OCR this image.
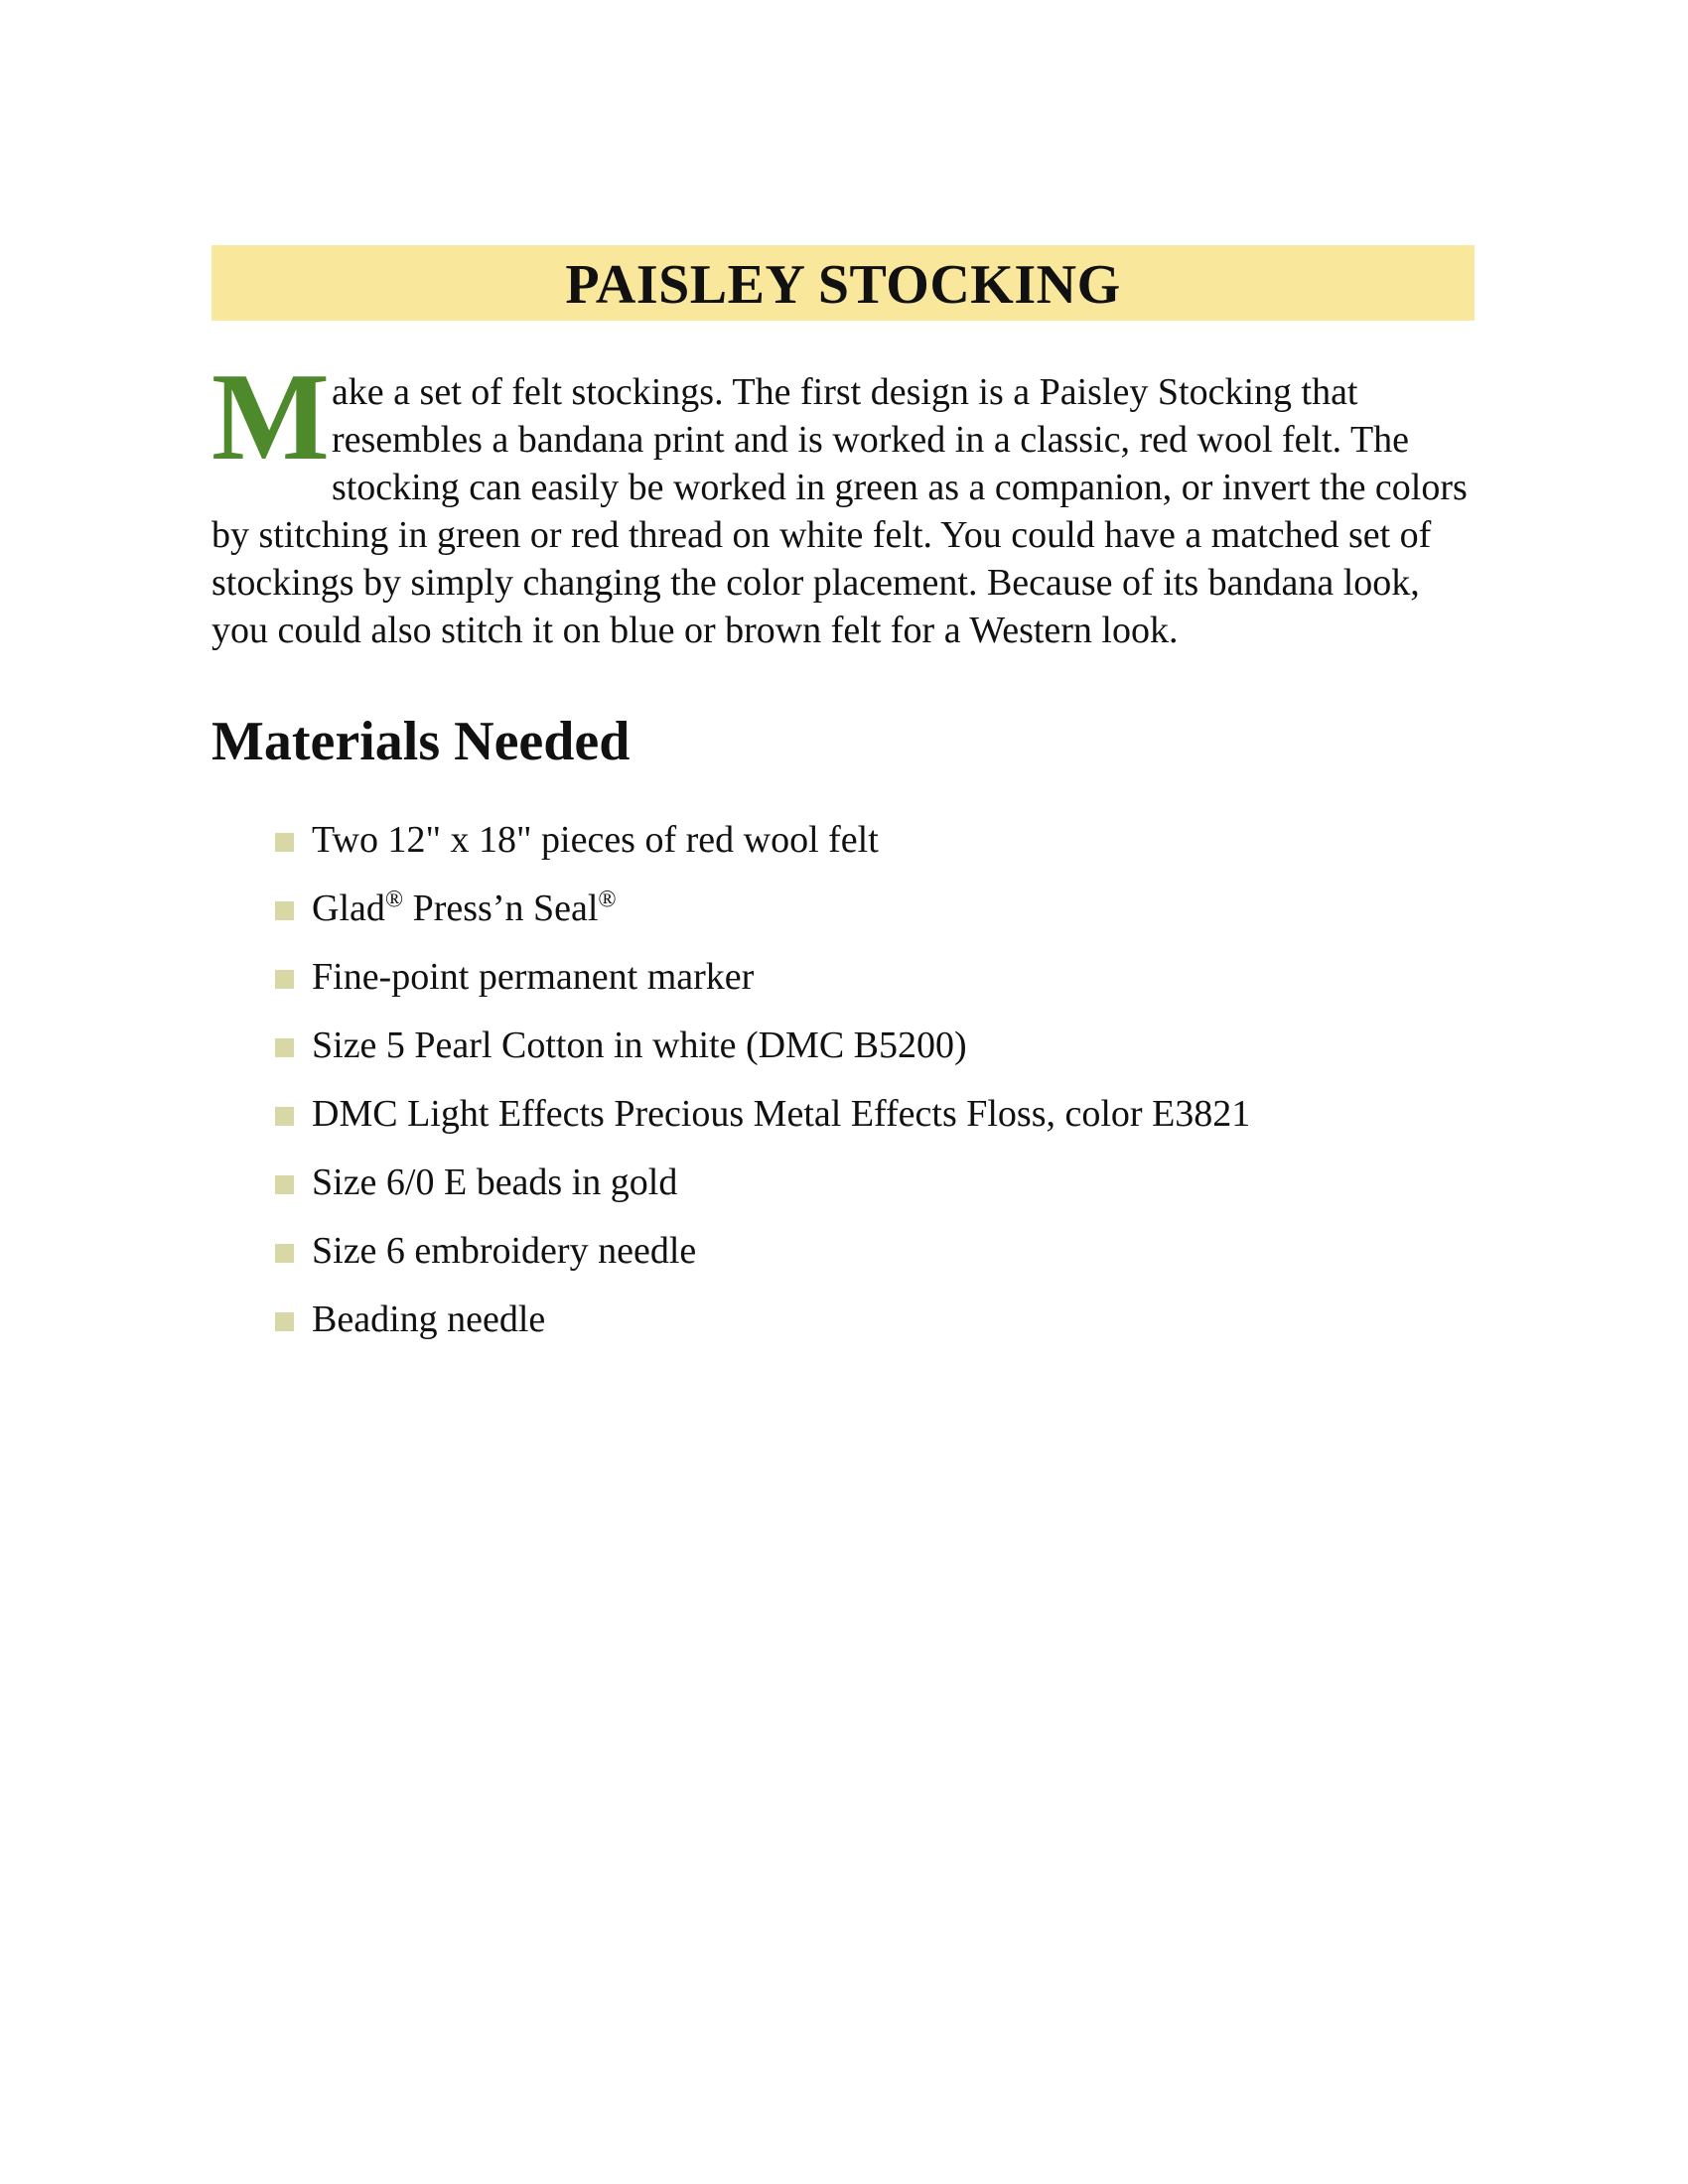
PAISLEY STOCKING

Make a set of felt stockings. The first design is a Paisley Stocking that resembles a bandana print and is worked in a classic, red wool felt. The stocking can easily be worked in green as a companion, or invert the colors by stitching in green or red thread on white felt. You could have a matched set of stockings by simply changing the color placement. Because of its bandana look, you could also stitch it on blue or brown felt for a Western look.

Materials Needed
Two 12" x 18" pieces of red wool felt
Glad® Press’n Seal®
Fine-point permanent marker
Size 5 Pearl Cotton in white (DMC B5200)
DMC Light Effects Precious Metal Effects Floss, color E3821
Size 6/0 E beads in gold
Size 6 embroidery needle
Beading needle
